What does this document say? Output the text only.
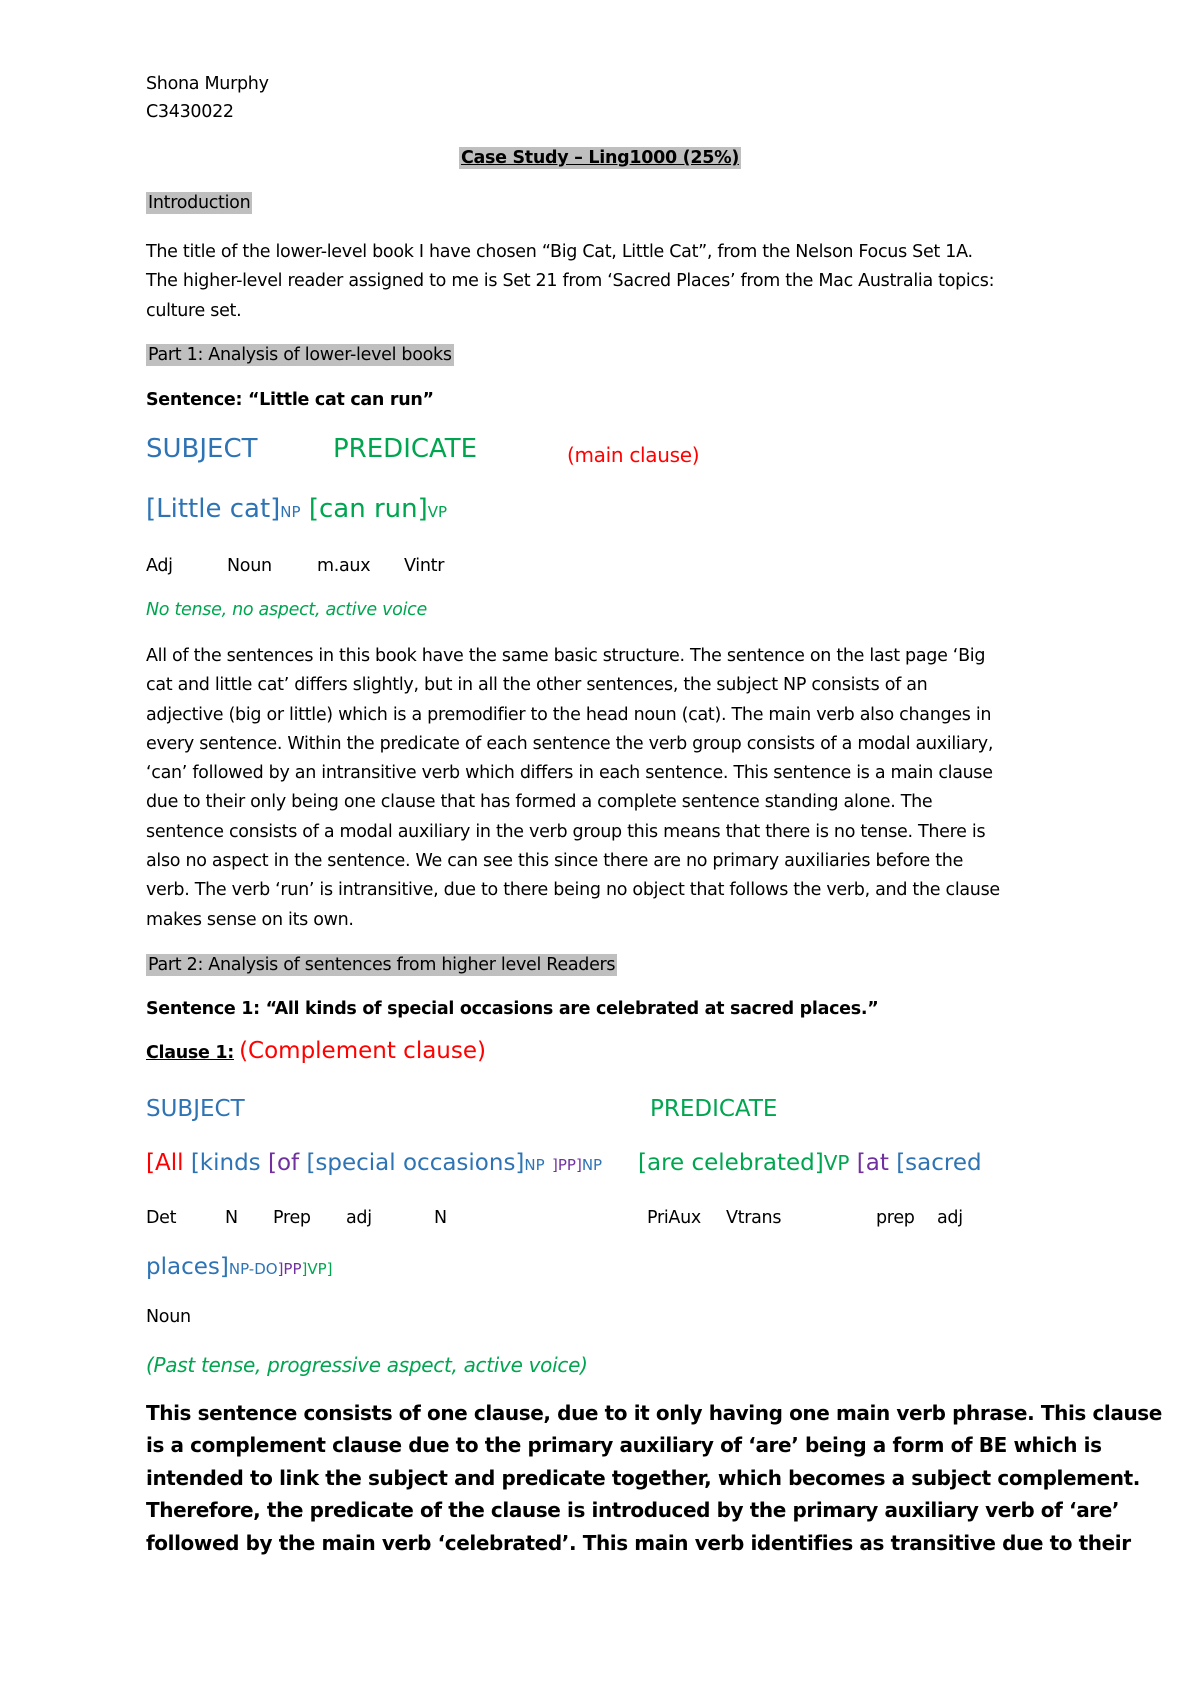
Shona Murphy
C3430022
Case Study – Ling1000 (25%)
Introduction
The title of the lower-level book I have chosen “Big Cat, Little Cat”, from the Nelson Focus Set 1A.
The higher-level reader assigned to me is Set 21 from ‘Sacred Places’ from the Mac Australia topics:
culture set.
Part 1: Analysis of lower-level books
Sentence: “Little cat can run”
SUBJECT	PREDICATE	(main clause)
[Little cat]NP [can run]VP
Adj	Noun	m.aux Vintr
No tense, no aspect, active voice
All of the sentences in this book have the same basic structure. The sentence on the last page ‘Big
cat and little cat’ differs slightly, but in all the other sentences, the subject NP consists of an
adjective (big or little) which is a premodifier to the head noun (cat). The main verb also changes in
every sentence. Within the predicate of each sentence the verb group consists of a modal auxiliary,
‘can’ followed by an intransitive verb which differs in each sentence. This sentence is a main clause
due to their only being one clause that has formed a complete sentence standing alone. The
sentence consists of a modal auxiliary in the verb group this means that there is no tense. There is
also no aspect in the sentence. We can see this since there are no primary auxiliaries before the
verb. The verb ‘run’ is intransitive, due to there being no object that follows the verb, and the clause
makes sense on its own.
Part 2: Analysis of sentences from higher level Readers
Sentence 1: “All kinds of special occasions are celebrated at sacred places.”
Clause 1: (Complement clause)
SUBJECT	PREDICATE
[All [kinds [of [special occasions]NP ]PP]NP [are celebrated]VP [at [sacred
Det	N Prep adj	N	PriAux Vtrans	prep adj
places]NP-DO]PP]VP]
Noun
(Past tense, progressive aspect, active voice)
This sentence consists of one clause, due to it only having one main verb phrase. This clause
is a complement clause due to the primary auxiliary of ‘are’ being a form of BE which is
intended to link the subject and predicate together, which becomes a subject complement.
Therefore, the predicate of the clause is introduced by the primary auxiliary verb of ‘are’
followed by the main verb ‘celebrated’. This main verb identifies as transitive due to their
